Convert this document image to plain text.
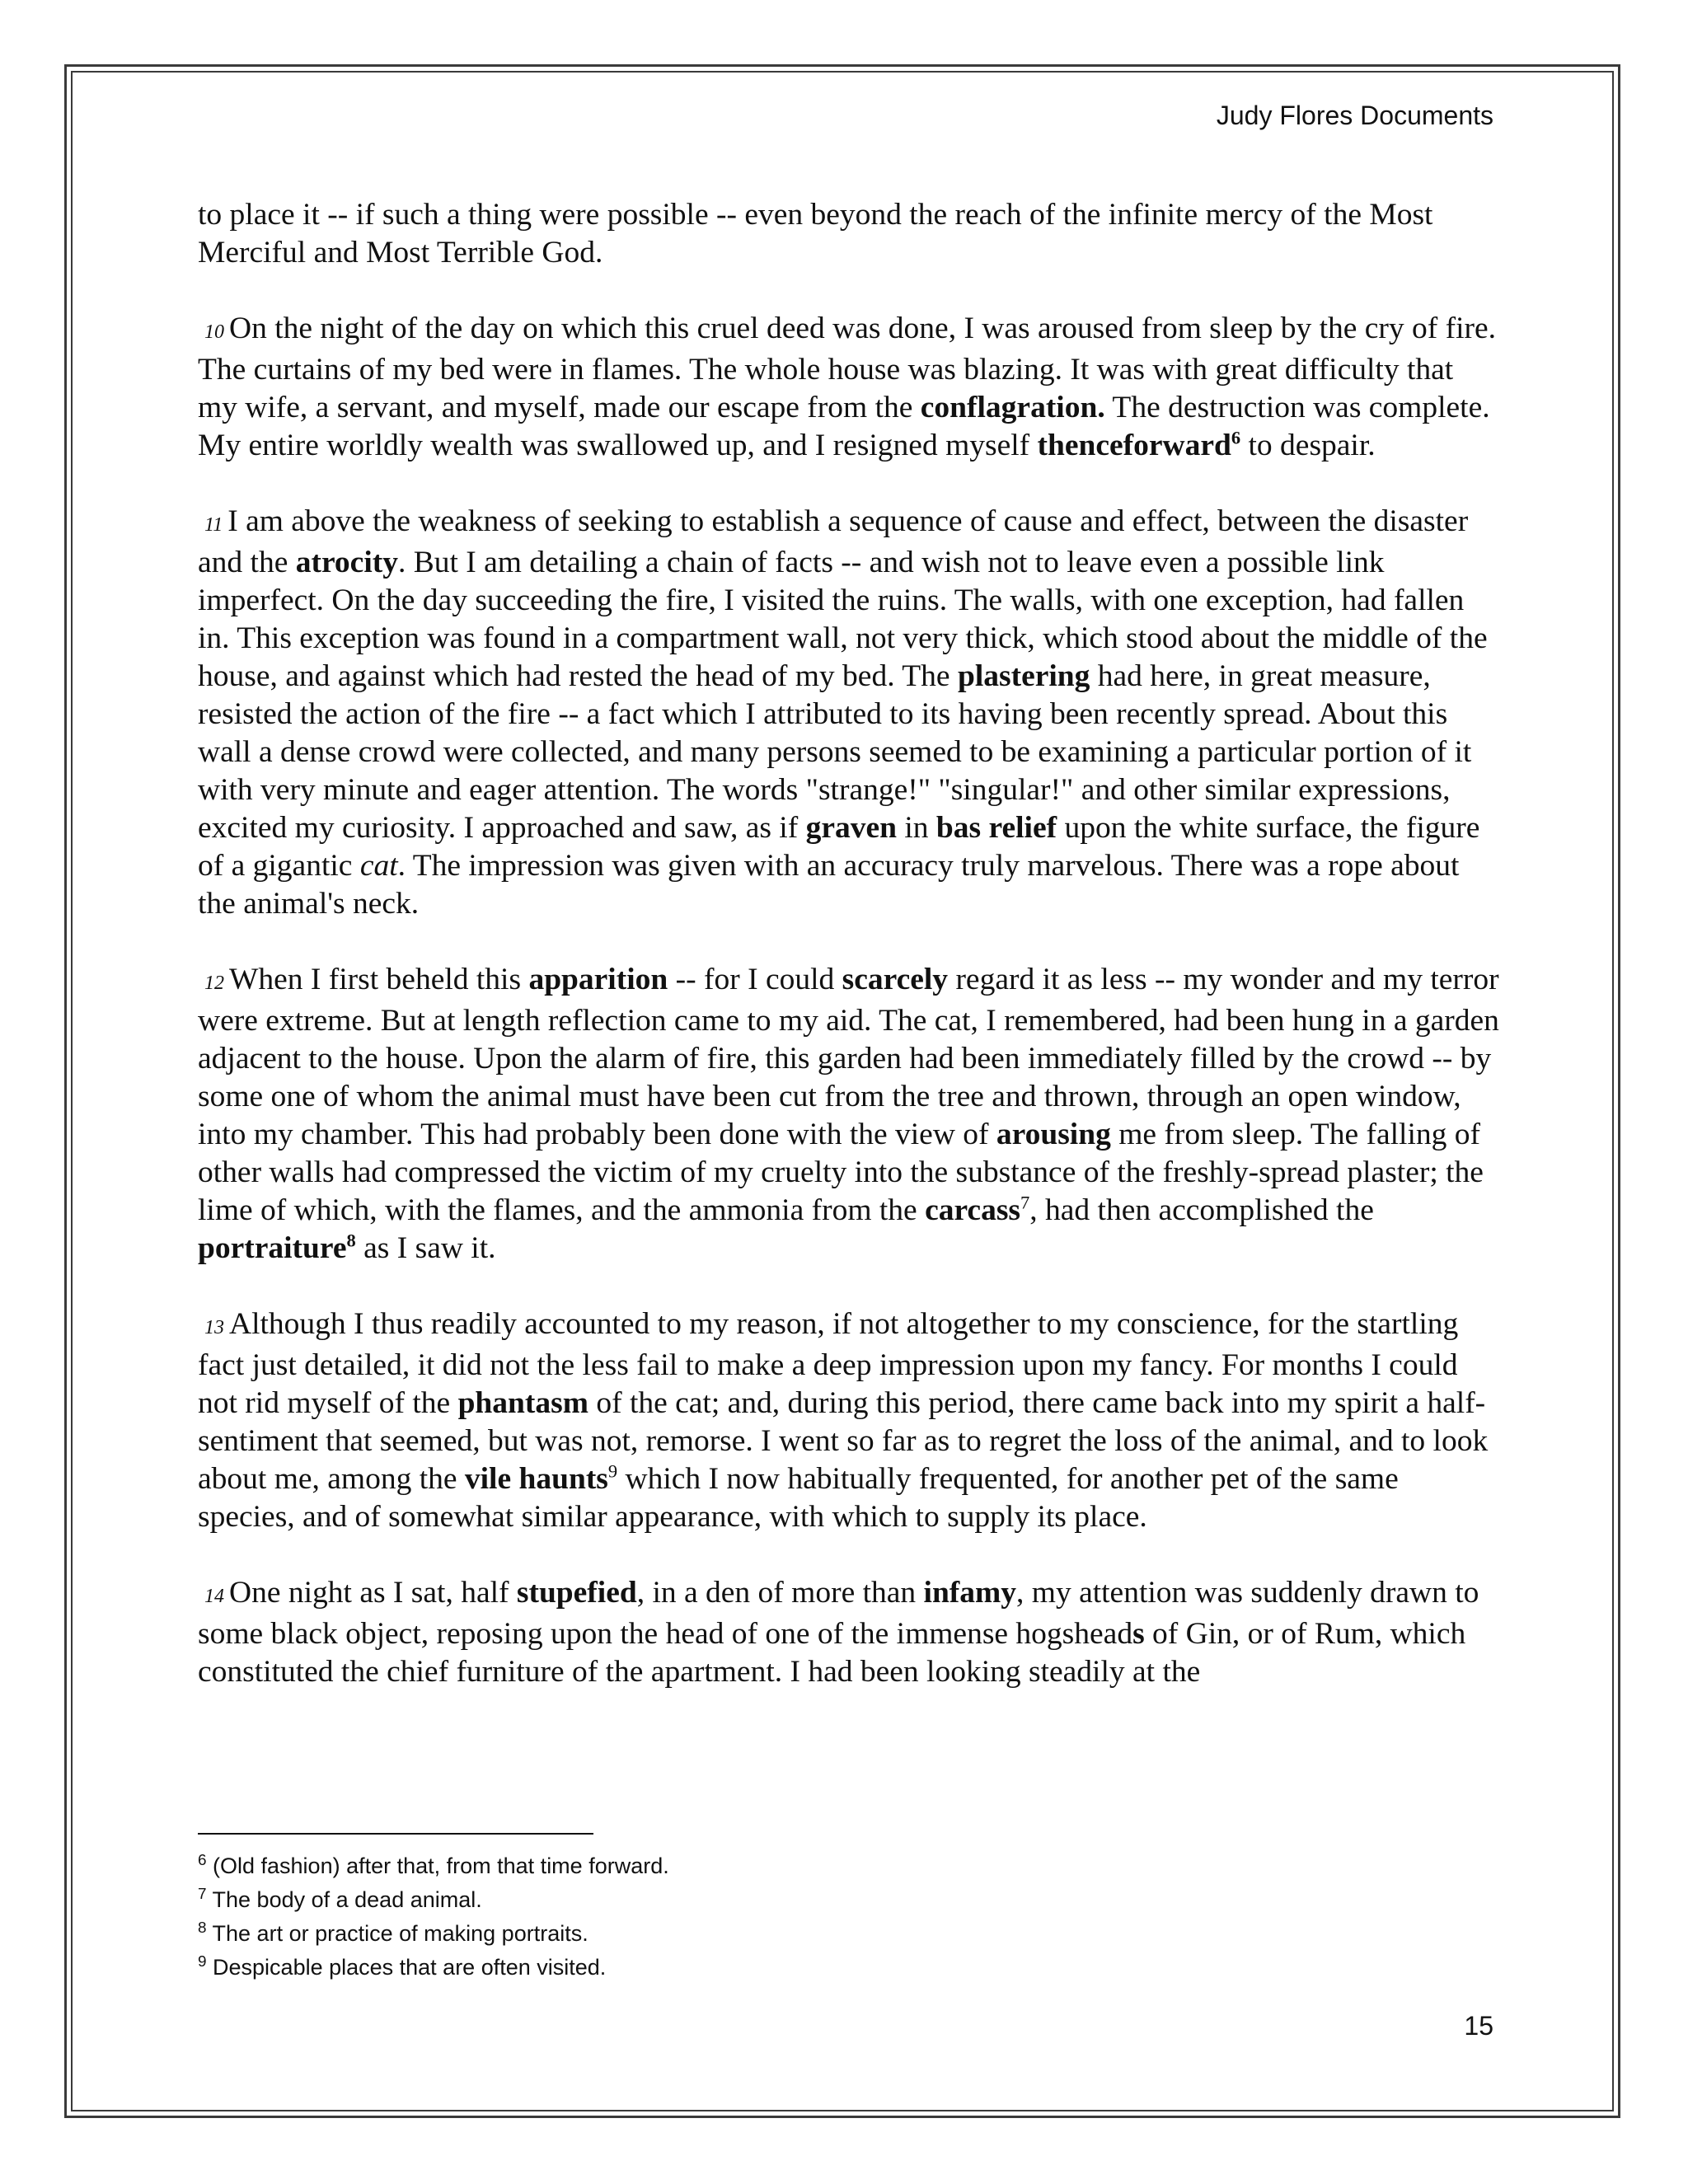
Judy Flores Documents

to place it -- if such a thing were possible -- even beyond the reach of the infinite mercy of the Most Merciful and Most Terrible God.

10 On the night of the day on which this cruel deed was done, I was aroused from sleep by the cry of fire. The curtains of my bed were in flames. The whole house was blazing. It was with great difficulty that my wife, a servant, and myself, made our escape from the conflagration. The destruction was complete. My entire worldly wealth was swallowed up, and I resigned myself thenceforward$^6$ to despair.

11 I am above the weakness of seeking to establish a sequence of cause and effect, between the disaster and the atrocity. But I am detailing a chain of facts -- and wish not to leave even a possible link imperfect. On the day succeeding the fire, I visited the ruins. The walls, with one exception, had fallen in. This exception was found in a compartment wall, not very thick, which stood about the middle of the house, and against which had rested the head of my bed. The plastering had here, in great measure, resisted the action of the fire -- a fact which I attributed to its having been recently spread. About this wall a dense crowd were collected, and many persons seemed to be examining a particular portion of it with very minute and eager attention. The words "strange!" "singular!" and other similar expressions, excited my curiosity. I approached and saw, as if graven in bas relief upon the white surface, the figure of a gigantic cat. The impression was given with an accuracy truly marvelous. There was a rope about the animal's neck.

12 When I first beheld this apparition -- for I could scarcely regard it as less -- my wonder and my terror were extreme. But at length reflection came to my aid. The cat, I remembered, had been hung in a garden adjacent to the house. Upon the alarm of fire, this garden had been immediately filled by the crowd -- by some one of whom the animal must have been cut from the tree and thrown, through an open window, into my chamber. This had probably been done with the view of arousing me from sleep. The falling of other walls had compressed the victim of my cruelty into the substance of the freshly-spread plaster; the lime of which, with the flames, and the ammonia from the carcass$^7$, had then accomplished the portraiture$^8$ as I saw it.

13 Although I thus readily accounted to my reason, if not altogether to my conscience, for the startling fact just detailed, it did not the less fail to make a deep impression upon my fancy. For months I could not rid myself of the phantasm of the cat; and, during this period, there came back into my spirit a half-sentiment that seemed, but was not, remorse. I went so far as to regret the loss of the animal, and to look about me, among the vile haunts$^9$ which I now habitually frequented, for another pet of the same species, and of somewhat similar appearance, with which to supply its place.

14 One night as I sat, half stupefied, in a den of more than infamy, my attention was suddenly drawn to some black object, reposing upon the head of one of the immense hogsheads of Gin, or of Rum, which constituted the chief furniture of the apartment. I had been looking steadily at the

$^6$ (Old fashion) after that, from that time forward.
$^7$ The body of a dead animal.
$^8$ The art or practice of making portraits.
$^9$ Despicable places that are often visited.
15
